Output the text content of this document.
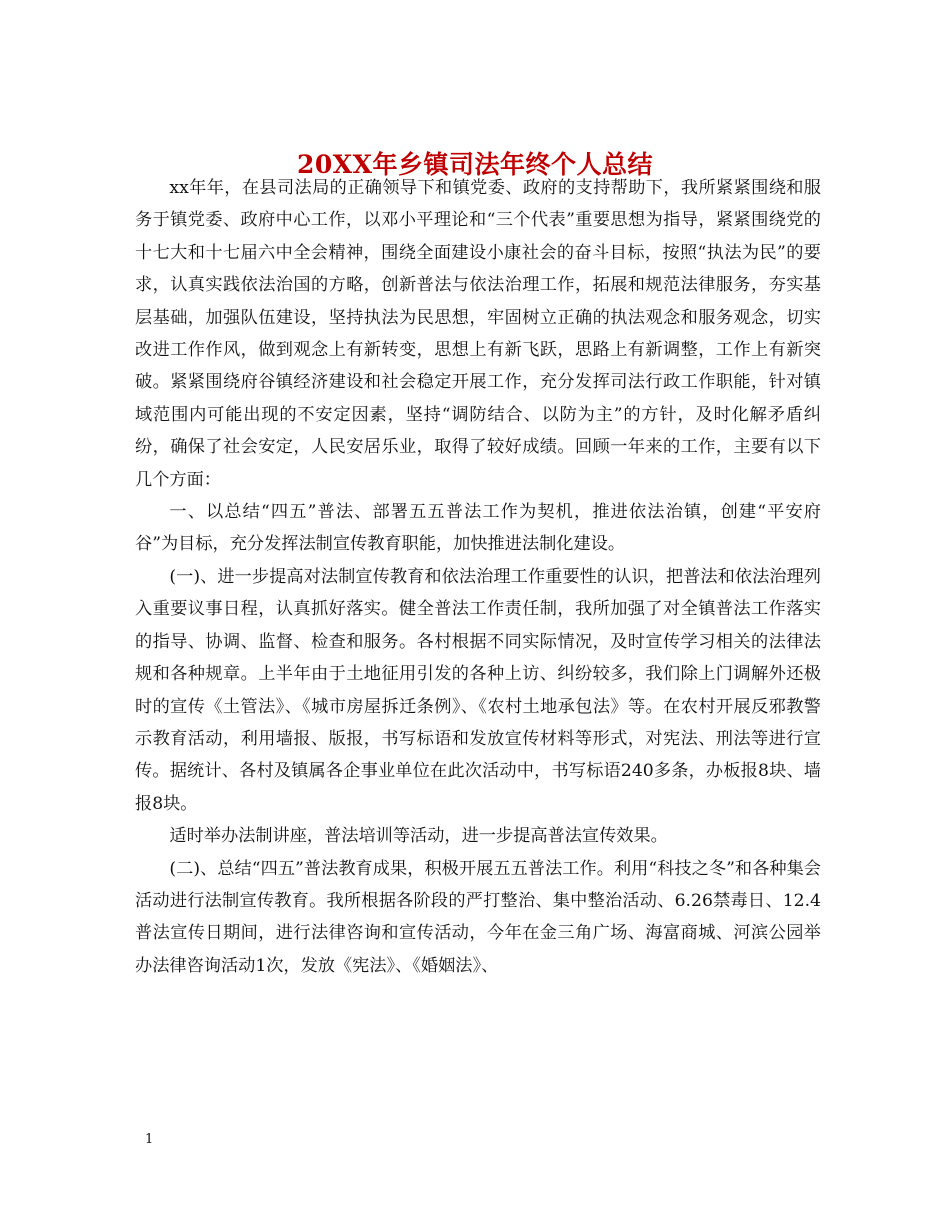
20XX年乡镇司法年终个人总结

xx年年，在县司法局的正确领导下和镇党委、政府的支持帮助下，我所紧紧围绕和服务于镇党委、政府中心工作，以邓小平理论和“三个代表”重要思想为指导，紧紧围绕党的十七大和十七届六中全会精神，围绕全面建设小康社会的奋斗目标，按照“执法为民”的要求，认真实践依法治国的方略，创新普法与依法治理工作，拓展和规范法律服务，夯实基层基础，加强队伍建设，坚持执法为民思想，牢固树立正确的执法观念和服务观念，切实改进工作作风，做到观念上有新转变，思想上有新飞跃，思路上有新调整，工作上有新突破。紧紧围绕府谷镇经济建设和社会稳定开展工作，充分发挥司法行政工作职能，针对镇域范围内可能出现的不安定因素，坚持“调防结合、以防为主”的方针，及时化解矛盾纠纷，确保了社会安定，人民安居乐业，取得了较好成绩。回顾一年来的工作，主要有以下几个方面：

一、以总结“四五”普法、部署五五普法工作为契机，推进依法治镇，创建“平安府谷”为目标，充分发挥法制宣传教育职能，加快推进法制化建设。

(一)、进一步提高对法制宣传教育和依法治理工作重要性的认识，把普法和依法治理列入重要议事日程，认真抓好落实。健全普法工作责任制，我所加强了对全镇普法工作落实的指导、协调、监督、检查和服务。各村根据不同实际情况，及时宣传学习相关的法律法规和各种规章。上半年由于土地征用引发的各种上访、纠纷较多，我们除上门调解外还极时的宣传《土管法》、《城市房屋拆迁条例》、《农村土地承包法》等。在农村开展反邪教警示教育活动，利用墙报、版报，书写标语和发放宣传材料等形式，对宪法、刑法等进行宣传。据统计、各村及镇属各企事业单位在此次活动中，书写标语240多条，办板报8块、墙报8块。

适时举办法制讲座，普法培训等活动，进一步提高普法宣传效果。

(二)、总结“四五”普法教育成果，积极开展五五普法工作。利用“科技之冬”和各种集会活动进行法制宣传教育。我所根据各阶段的严打整治、集中整治活动、6.26禁毒日、12.4普法宣传日期间，进行法律咨询和宣传活动，今年在金三角广场、海富商城、河滨公园举办法律咨询活动1次，发放《宪法》、《婚姻法》、

1
